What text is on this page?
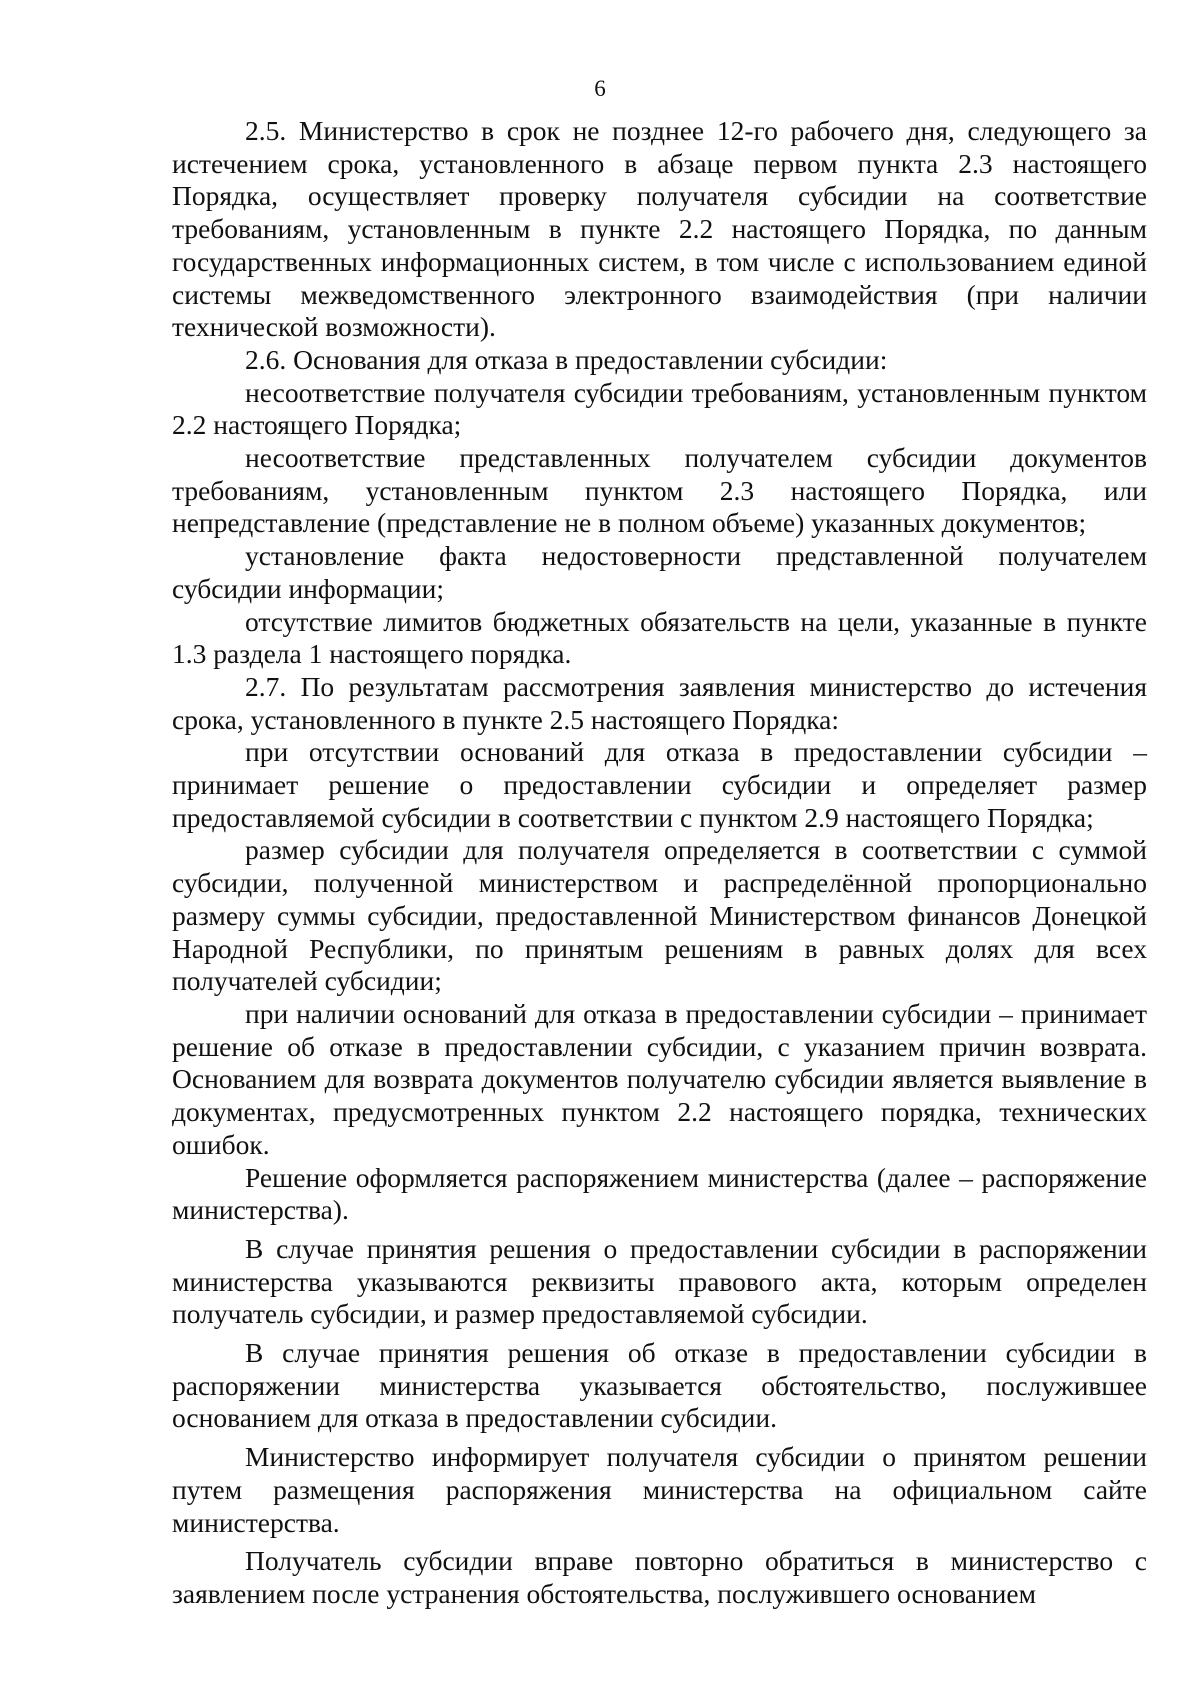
6

2.5. Министерство в срок не позднее 12-го рабочего дня, следующего за истечением срока, установленного в абзаце первом пункта 2.3 настоящего Порядка, осуществляет проверку получателя субсидии на соответствие требованиям, установленным в пункте 2.2 настоящего Порядка, по данным государственных информационных систем, в том числе с использованием единой системы межведомственного электронного взаимодействия (при наличии технической возможности).

2.6. Основания для отказа в предоставлении субсидии:

несоответствие получателя субсидии требованиям, установленным пунктом 2.2 настоящего Порядка;

несоответствие представленных получателем субсидии документов требованиям, установленным пунктом 2.3 настоящего Порядка, или непредставление (представление не в полном объеме) указанных документов;

установление факта недостоверности представленной получателем субсидии информации;

отсутствие лимитов бюджетных обязательств на цели, указанные в пункте 1.3 раздела 1 настоящего порядка.

2.7. По результатам рассмотрения заявления министерство до истечения срока, установленного в пункте 2.5 настоящего Порядка:

при отсутствии оснований для отказа в предоставлении субсидии – принимает решение о предоставлении субсидии и определяет размер предоставляемой субсидии в соответствии с пунктом 2.9 настоящего Порядка;

размер субсидии для получателя определяется в соответствии с суммой субсидии, полученной министерством и распределённой пропорционально размеру суммы субсидии, предоставленной Министерством финансов Донецкой Народной Республики, по принятым решениям в равных долях для всех получателей субсидии;

при наличии оснований для отказа в предоставлении субсидии – принимает решение об отказе в предоставлении субсидии, с указанием причин возврата. Основанием для возврата документов получателю субсидии является выявление в документах, предусмотренных пунктом 2.2 настоящего порядка, технических ошибок.

Решение оформляется распоряжением министерства (далее – распоряжение министерства).

В случае принятия решения о предоставлении субсидии в распоряжении министерства указываются реквизиты правового акта, которым определен получатель субсидии, и размер предоставляемой субсидии.

В случае принятия решения об отказе в предоставлении субсидии в распоряжении министерства указывается обстоятельство, послужившее основанием для отказа в предоставлении субсидии.

Министерство информирует получателя субсидии о принятом решении путем размещения распоряжения министерства на официальном сайте министерства.

Получатель субсидии вправе повторно обратиться в министерство с заявлением после устранения обстоятельства, послужившего основанием
